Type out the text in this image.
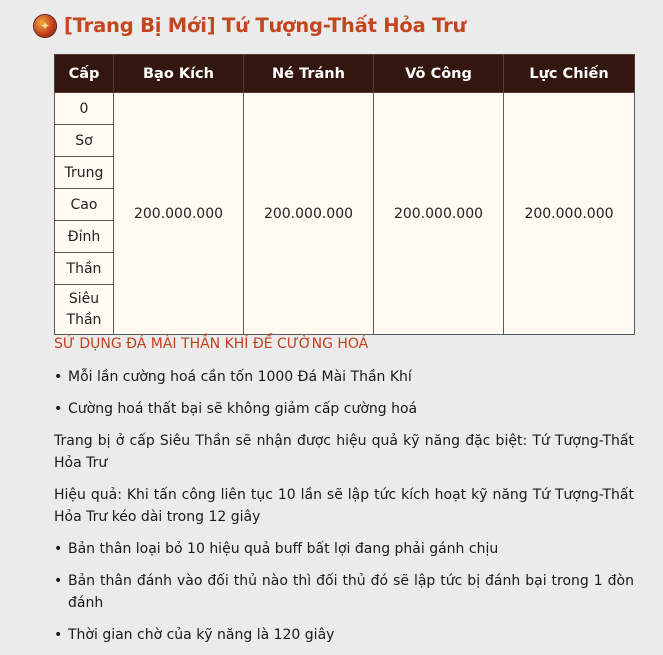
✦ [Trang Bị Mới] Tứ Tượng-Thất Hỏa Trư
Cấp	Bạo Kích	Né Tránh	Võ Công	Lực Chiến
0	200.000.000	200.000.000	200.000.000	200.000.000
Sơ				
Trung				
Cao				
Đỉnh				
Thần				
Siêu Thần				
SỬ DỤNG ĐÁ MÀI THẦN KHÍ ĐỂ CƯỜNG HOÁ
• Mỗi lần cường hoá cần tốn 1000 Đá Mài Thần Khí
• Cường hoá thất bại sẽ không giảm cấp cường hoá
Trang bị ở cấp Siêu Thần sẽ nhận được hiệu quả kỹ năng đặc biệt: Tứ Tượng-Thất Hỏa Trư
Hiệu quả: Khi tấn công liên tục 10 lần sẽ lập tức kích hoạt kỹ năng Tứ Tượng-Thất Hỏa Trư kéo dài trong 12 giây
• Bản thân loại bỏ 10 hiệu quả buff bất lợi đang phải gánh chịu
• Bản thân đánh vào đối thủ nào thì đối thủ đó sẽ lập tức bị đánh bại trong 1 đòn đánh
• Thời gian chờ của kỹ năng là 120 giây
